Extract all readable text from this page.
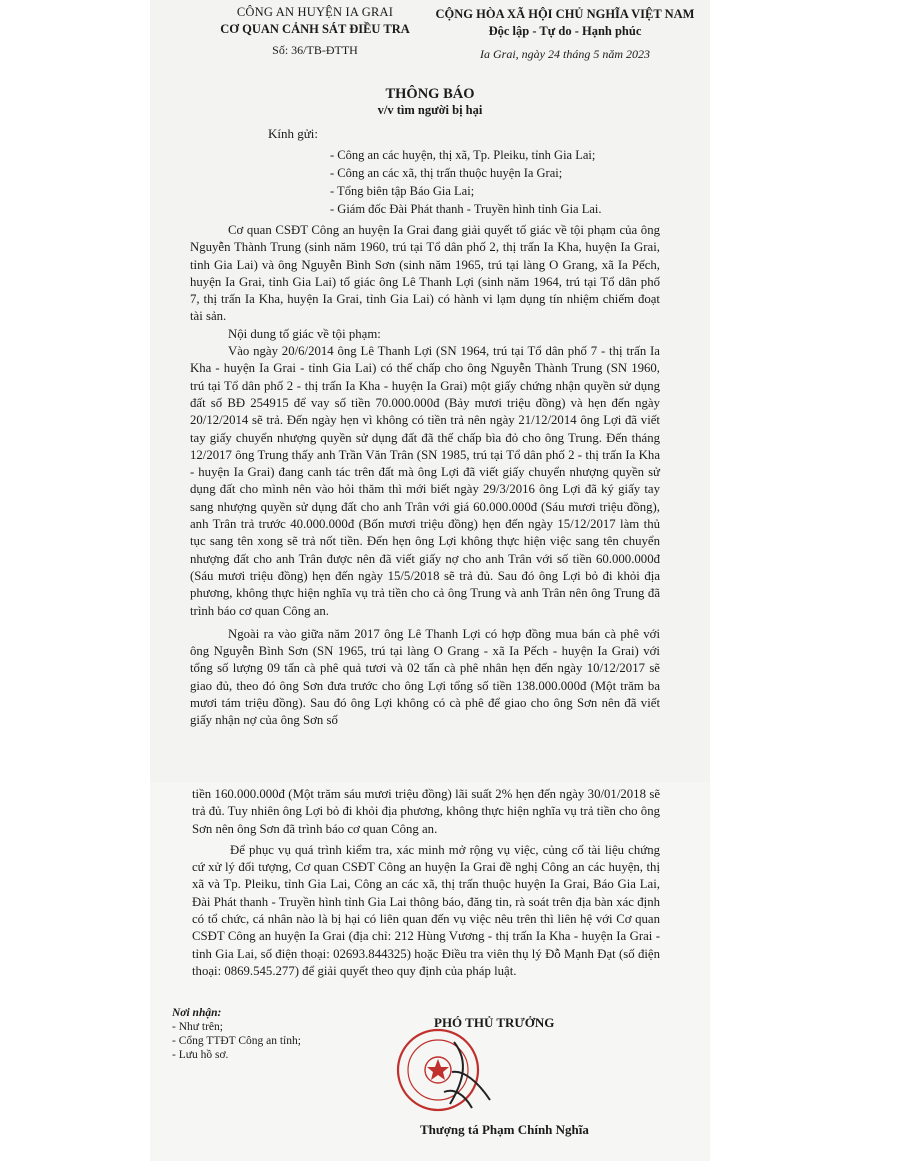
CÔNG AN HUYỆN IA GRAI
CƠ QUAN CẢNH SÁT ĐIỀU TRA
Số: 36/TB-ĐTTH
CỘNG HÒA XÃ HỘI CHỦ NGHĨA VIỆT NAM
Độc lập - Tự do - Hạnh phúc
Ia Grai, ngày 24 tháng 5 năm 2023
THÔNG BÁO
v/v tìm người bị hại
Kính gửi:
- Công an các huyện, thị xã, Tp. Pleiku, tỉnh Gia Lai;
- Công an các xã, thị trấn thuộc huyện Ia Grai;
- Tổng biên tập Báo Gia Lai;
- Giám đốc Đài Phát thanh - Truyền hình tỉnh Gia Lai.

Cơ quan CSĐT Công an huyện Ia Grai đang giải quyết tố giác về tội phạm của ông Nguyễn Thành Trung (sinh năm 1960, trú tại Tổ dân phố 2, thị trấn Ia Kha, huyện Ia Grai, tỉnh Gia Lai) và ông Nguyễn Bình Sơn (sinh năm 1965, trú tại làng O Grang, xã Ia Pếch, huyện Ia Grai, tỉnh Gia Lai) tố giác ông Lê Thanh Lợi (sinh năm 1964, trú tại Tổ dân phố 7, thị trấn Ia Kha, huyện Ia Grai, tỉnh Gia Lai) có hành vi lạm dụng tín nhiệm chiếm đoạt tài sản.

Nội dung tố giác về tội phạm:

Vào ngày 20/6/2014 ông Lê Thanh Lợi (SN 1964, trú tại Tổ dân phố 7 - thị trấn Ia Kha - huyện Ia Grai - tỉnh Gia Lai) có thế chấp cho ông Nguyễn Thành Trung (SN 1960, trú tại Tổ dân phố 2 - thị trấn Ia Kha - huyện Ia Grai) một giấy chứng nhận quyền sử dụng đất số BĐ 254915 để vay số tiền 70.000.000đ (Bảy mươi triệu đồng) và hẹn đến ngày 20/12/2014 sẽ trả. Đến ngày hẹn vì không có tiền trả nên ngày 21/12/2014 ông Lợi đã viết tay giấy chuyển nhượng quyền sử dụng đất đã thế chấp bìa đỏ cho ông Trung. Đến tháng 12/2017 ông Trung thấy anh Trần Văn Trân (SN 1985, trú tại Tổ dân phố 2 - thị trấn Ia Kha - huyện Ia Grai) đang canh tác trên đất mà ông Lợi đã viết giấy chuyển nhượng quyền sử dụng đất cho mình nên vào hỏi thăm thì mới biết ngày 29/3/2016 ông Lợi đã ký giấy tay sang nhượng quyền sử dụng đất cho anh Trân với giá 60.000.000đ (Sáu mươi triệu đồng), anh Trân trả trước 40.000.000đ (Bốn mươi triệu đồng) hẹn đến ngày 15/12/2017 làm thủ tục sang tên xong sẽ trả nốt tiền. Đến hẹn ông Lợi không thực hiện việc sang tên chuyển nhượng đất cho anh Trân được nên đã viết giấy nợ cho anh Trân với số tiền 60.000.000đ (Sáu mươi triệu đồng) hẹn đến ngày 15/5/2018 sẽ trả đủ. Sau đó ông Lợi bỏ đi khỏi địa phương, không thực hiện nghĩa vụ trả tiền cho cả ông Trung và anh Trân nên ông Trung đã trình báo cơ quan Công an.

Ngoài ra vào giữa năm 2017 ông Lê Thanh Lợi có hợp đồng mua bán cà phê với ông Nguyễn Bình Sơn (SN 1965, trú tại làng O Grang - xã Ia Pếch - huyện Ia Grai) với tổng số lượng 09 tấn cà phê quả tươi và 02 tấn cà phê nhân hẹn đến ngày 10/12/2017 sẽ giao đủ, theo đó ông Sơn đưa trước cho ông Lợi tổng số tiền 138.000.000đ (Một trăm ba mươi tám triệu đồng). Sau đó ông Lợi không có cà phê để giao cho ông Sơn nên đã viết giấy nhận nợ của ông Sơn số

tiền 160.000.000đ (Một trăm sáu mươi triệu đồng) lãi suất 2% hẹn đến ngày 30/01/2018 sẽ trả đủ. Tuy nhiên ông Lợi bỏ đi khỏi địa phương, không thực hiện nghĩa vụ trả tiền cho ông Sơn nên ông Sơn đã trình báo cơ quan Công an.

Để phục vụ quá trình kiểm tra, xác minh mở rộng vụ việc, củng cố tài liệu chứng cứ xử lý đối tượng, Cơ quan CSĐT Công an huyện Ia Grai đề nghị Công an các huyện, thị xã và Tp. Pleiku, tỉnh Gia Lai, Công an các xã, thị trấn thuộc huyện Ia Grai, Báo Gia Lai, Đài Phát thanh - Truyền hình tỉnh Gia Lai thông báo, đăng tin, rà soát trên địa bàn xác định có tổ chức, cá nhân nào là bị hại có liên quan đến vụ việc nêu trên thì liên hệ với Cơ quan CSĐT Công an huyện Ia Grai (địa chỉ: 212 Hùng Vương - thị trấn Ia Kha - huyện Ia Grai - tỉnh Gia Lai, số điện thoại: 02693.844325) hoặc Điều tra viên thụ lý Đỗ Mạnh Đạt (số điện thoại: 0869.545.277) để giải quyết theo quy định của pháp luật.

Nơi nhận:
- Như trên;
- Cổng TTĐT Công an tỉnh;
- Lưu hồ sơ.
PHÓ THỦ TRƯỞNG
Thượng tá Phạm Chính Nghĩa
